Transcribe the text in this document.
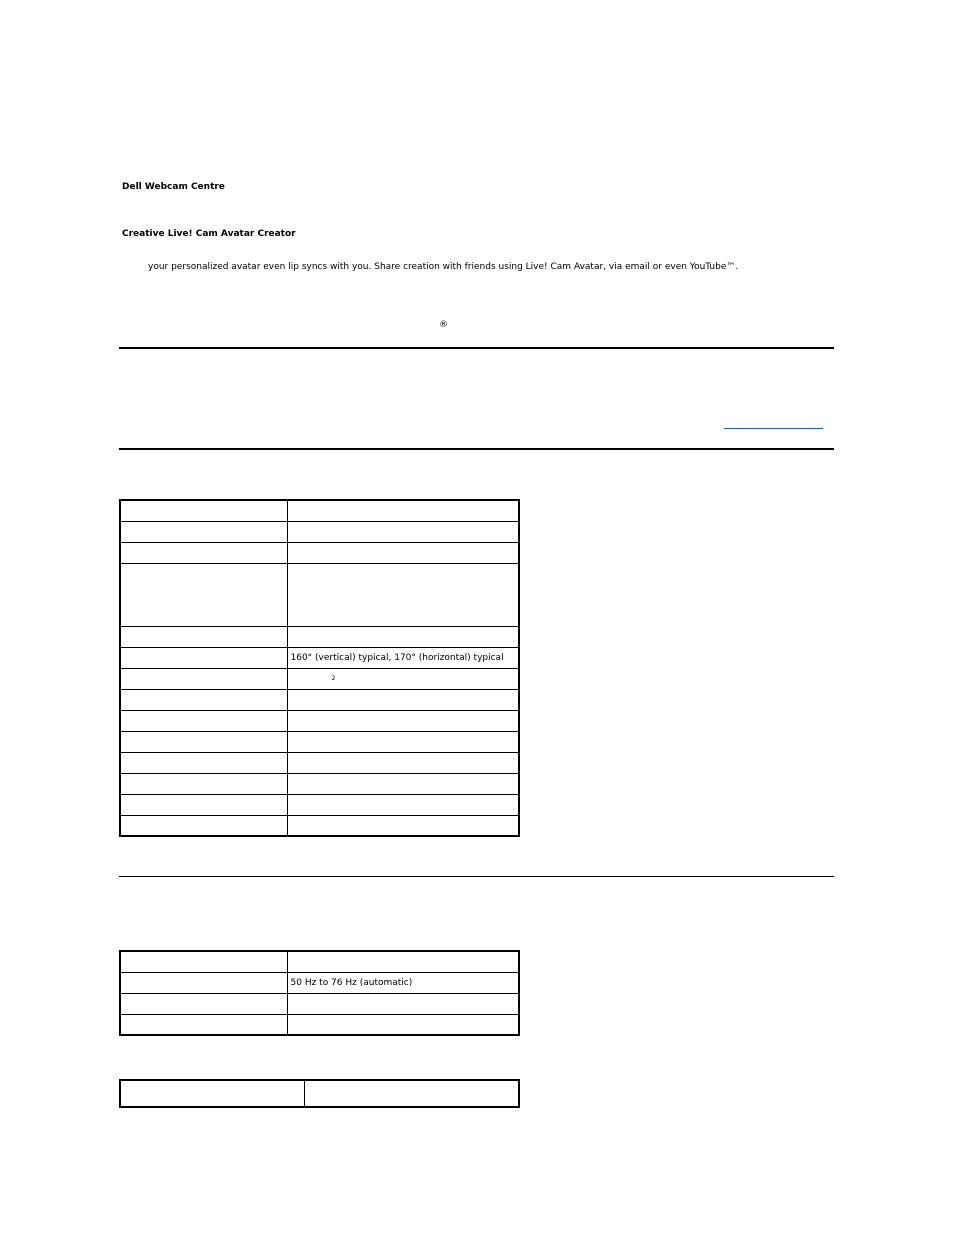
Dell Webcam Centre
Creative Live! Cam Avatar Creator
your personalized avatar even lip syncs with you. Share creation with friends using Live! Cam Avatar, via email or even YouTube™.
®

	160° (vertical) typical, 170° (horizontal) typical
	2

	50 Hz to 76 Hz (automatic)
